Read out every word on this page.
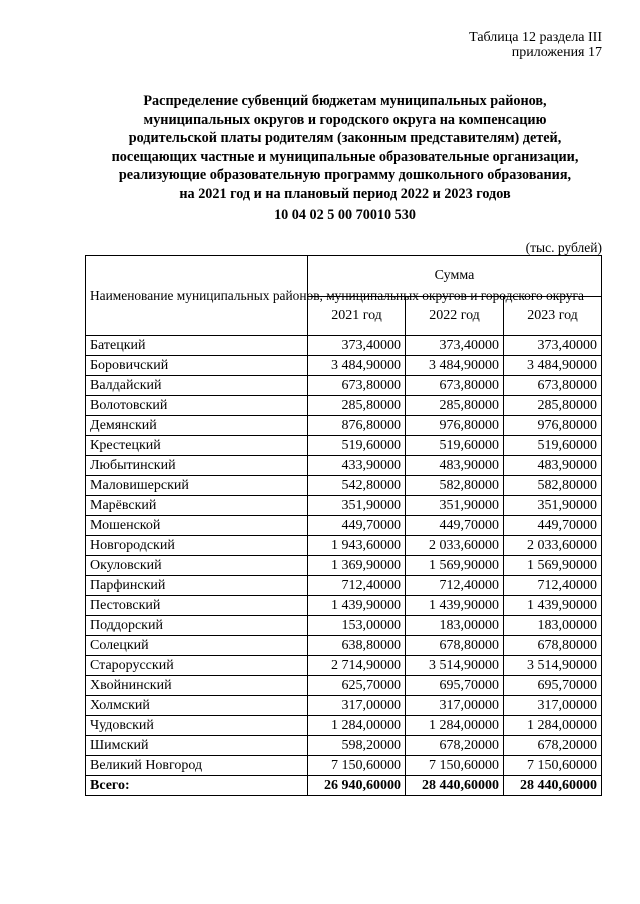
Таблица 12 раздела III
приложения 17
Распределение субвенций бюджетам муниципальных районов,
муниципальных округов и городского округа на компенсацию
родительской платы родителям (законным представителям) детей,
посещающих частные и муниципальные образовательные организации,
реализующие образовательную программу дошкольного образования,
на 2021 год и на плановый период 2022 и 2023 годов
10 04 02 5 00 70010 530
(тыс. рублей)
Наименование муниципальных районов, муниципальных округов и городского округа	Сумма		
	2021 год	2022 год	2023 год
Батецкий	373,40000	373,40000	373,40000
Боровичский	3 484,90000	3 484,90000	3 484,90000
Валдайский	673,80000	673,80000	673,80000
Волотовский	285,80000	285,80000	285,80000
Демянский	876,80000	976,80000	976,80000
Крестецкий	519,60000	519,60000	519,60000
Любытинский	433,90000	483,90000	483,90000
Маловишерский	542,80000	582,80000	582,80000
Марёвский	351,90000	351,90000	351,90000
Мошенской	449,70000	449,70000	449,70000
Новгородский	1 943,60000	2 033,60000	2 033,60000
Окуловский	1 369,90000	1 569,90000	1 569,90000
Парфинский	712,40000	712,40000	712,40000
Пестовский	1 439,90000	1 439,90000	1 439,90000
Поддорский	153,00000	183,00000	183,00000
Солецкий	638,80000	678,80000	678,80000
Старорусский	2 714,90000	3 514,90000	3 514,90000
Хвойнинский	625,70000	695,70000	695,70000
Холмский	317,00000	317,00000	317,00000
Чудовский	1 284,00000	1 284,00000	1 284,00000
Шимский	598,20000	678,20000	678,20000
Великий Новгород	7 150,60000	7 150,60000	7 150,60000
Всего:	26 940,60000	28 440,60000	28 440,60000
